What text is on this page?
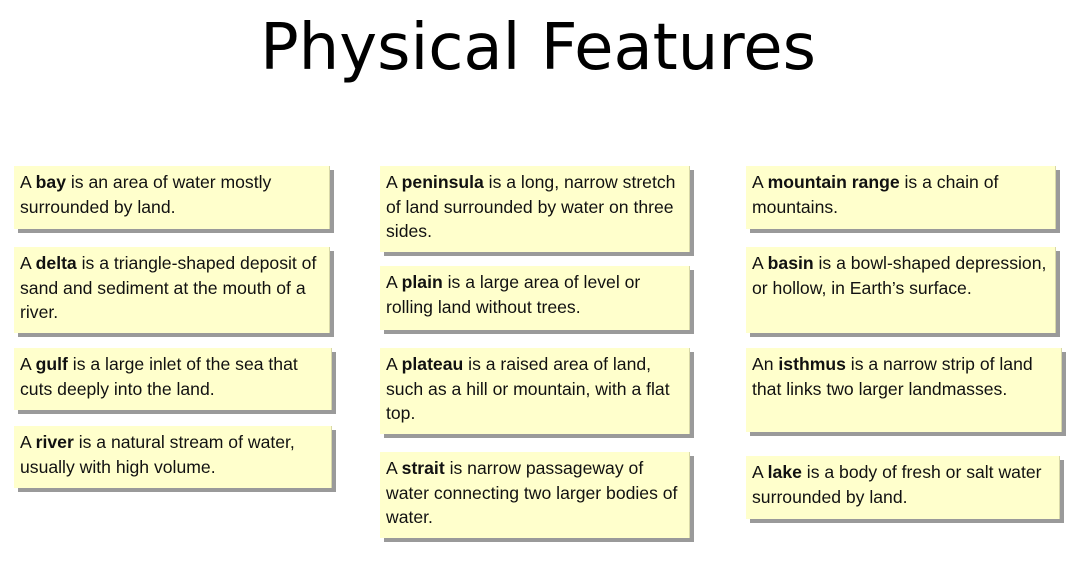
Physical Features
A bay is an area of water mostly surrounded by land.
A delta is a triangle-shaped deposit of sand and sediment at the mouth of a river.
A gulf is a large inlet of the sea that cuts deeply into the land.
A river is a natural stream of water, usually with high volume.
A peninsula is a long, narrow stretch of land surrounded by water on three sides.
A plain is a large area of level or rolling land without trees.
A plateau is a raised area of land, such as a hill or mountain, with a flat top.
A strait is narrow passageway of water connecting two larger bodies of water.
A mountain range is a chain of mountains.
A basin is a bowl-shaped depression, or hollow, in Earth’s surface.
An isthmus is a narrow strip of land that links two larger landmasses.
A lake is a body of fresh or salt water surrounded by land.
